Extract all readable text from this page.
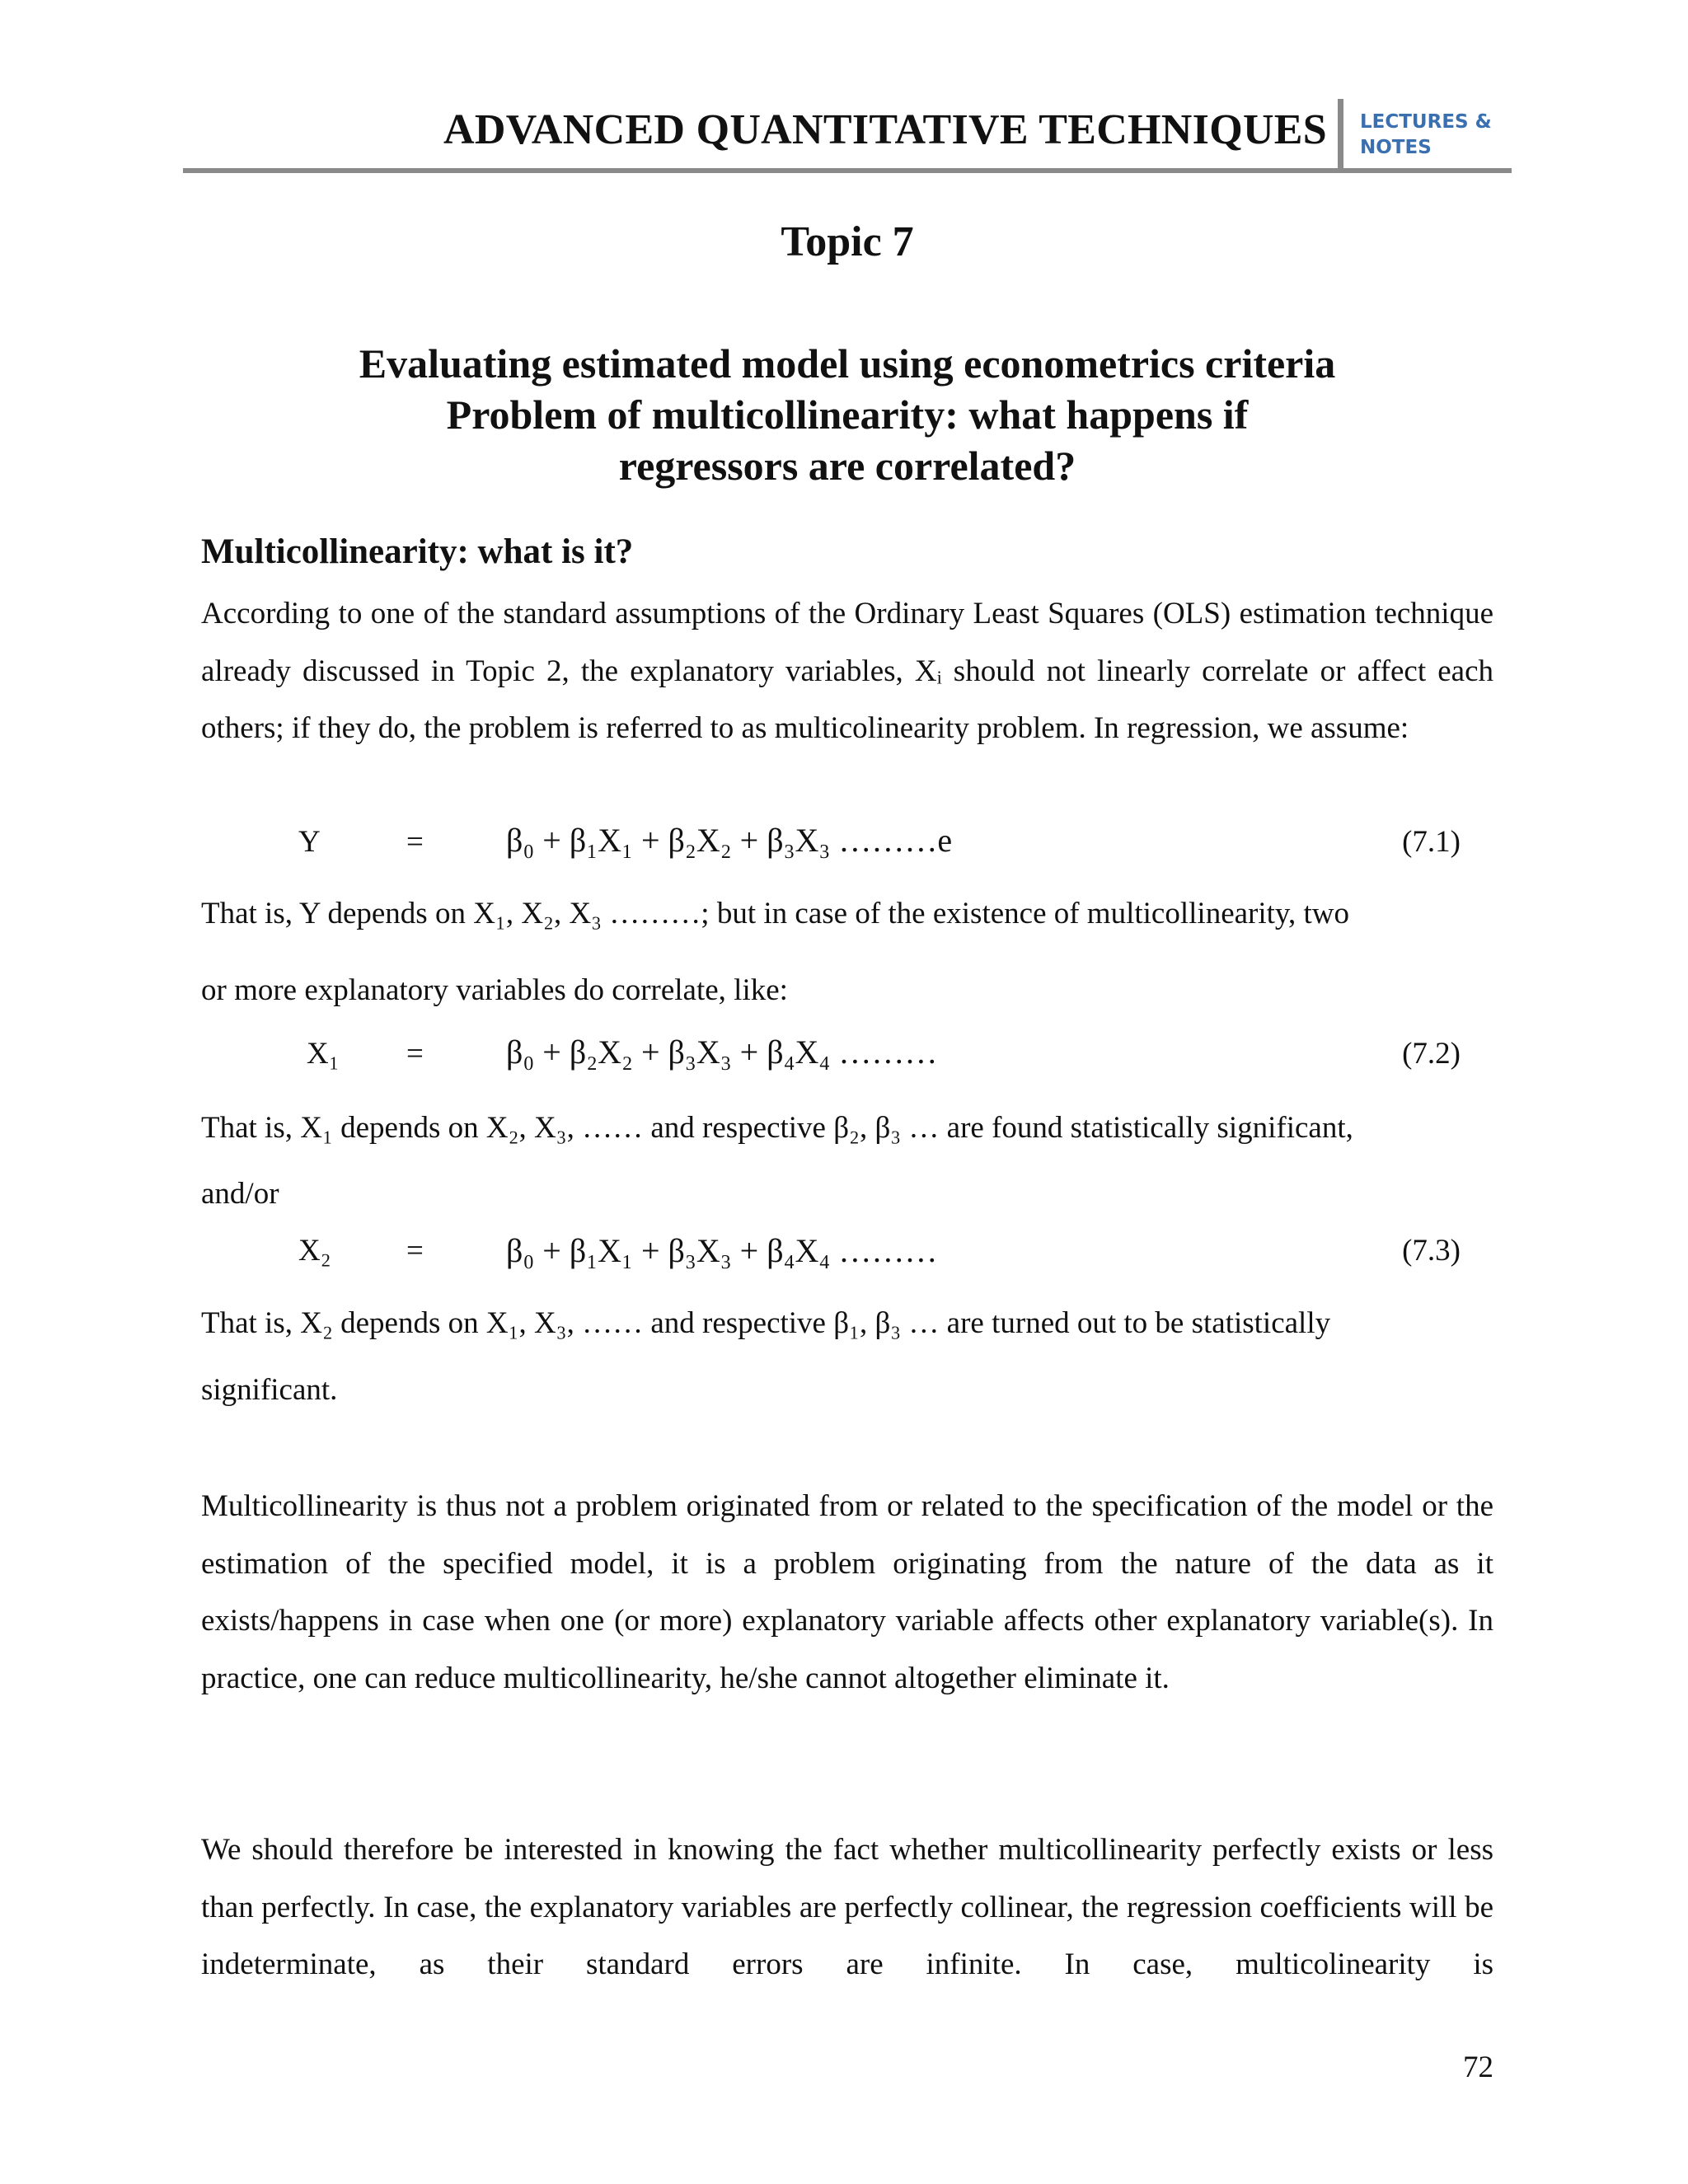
ADVANCED QUANTITATIVE TECHNIQUES LECTURES &
NOTES
Topic 7
Evaluating estimated model using econometrics criteria
Problem of multicollinearity: what happens if
regressors are correlated?
Multicollinearity: what is it?

According to one of the standard assumptions of the Ordinary Least Squares (OLS) estimation technique already discussed in Topic 2, the explanatory variables, Xᵢ should not linearly correlate or affect each others; if they do, the problem is referred to as multicolinearity problem. In regression, we assume:

Y	=	β₀ + β₁X₁ + β₂X₂ + β₃X₃ ………e	(7.1)
That is, Y depends on X₁, X₂, X₃ ………; but in case of the existence of multicollinearity, two
or more explanatory variables do correlate, like:
X₁ =	β₀ + β₂X₂ + β₃X₃ + β₄X₄ ………	(7.2)
That is, X₁ depends on X₂, X₃, …… and respective β₂, β₃ … are found statistically significant,
and/or
X₂ =	β₀ + β₁X₁ + β₃X₃ + β₄X₄ ………	(7.3)
That is, X₂ depends on X₁, X₃, …… and respective β₁, β₃ … are turned out to be statistically
significant.

Multicollinearity is thus not a problem originated from or related to the specification of the model or the estimation of the specified model, it is a problem originating from the nature of the data as it exists/happens in case when one (or more) explanatory variable affects other explanatory variable(s). In practice, one can reduce multicollinearity, he/she cannot altogether eliminate it.

We should therefore be interested in knowing the fact whether multicollinearity perfectly exists or less than perfectly. In case, the explanatory variables are perfectly collinear, the regression coefficients will be indeterminate, as their standard errors are infinite. In case, multicolinearity is

72
